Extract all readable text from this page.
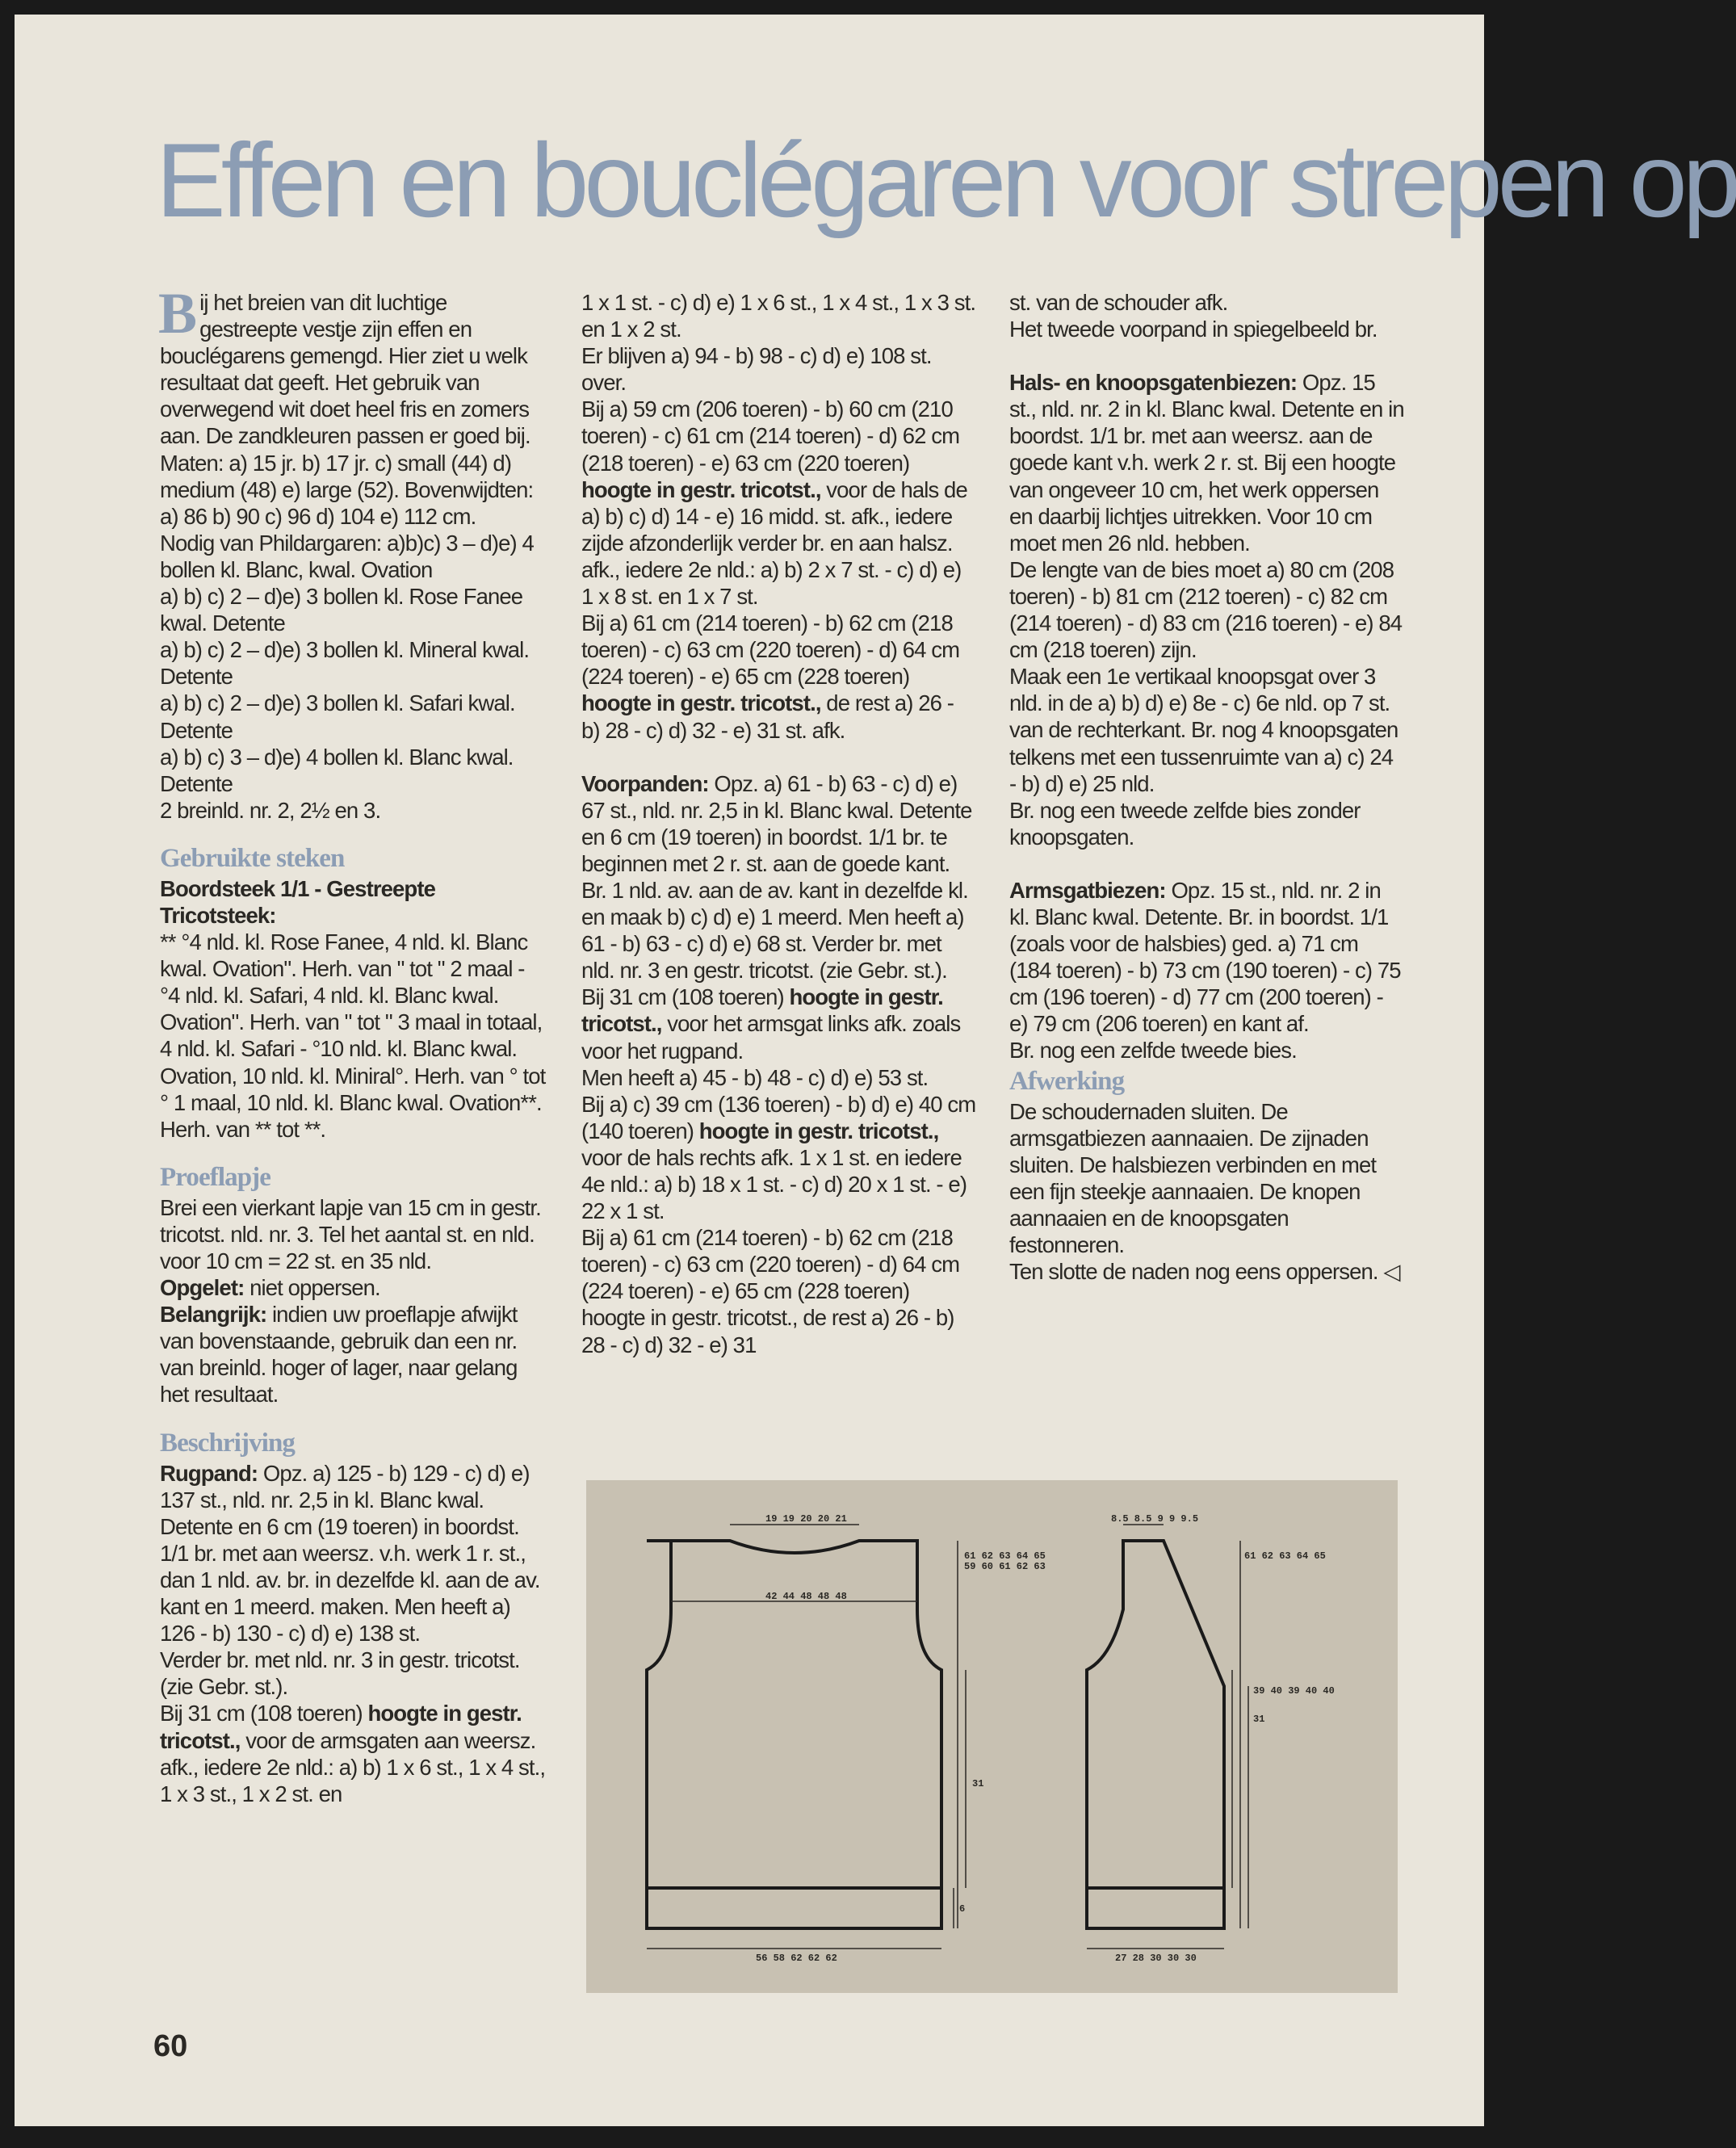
Effen en bouclégaren voor strepen op

Bij het breien van dit luchtige gestreepte vestje zijn effen en bouclégarens gemengd. Hier ziet u welk resultaat dat geeft. Het gebruik van overwegend wit doet heel fris en zomers aan. De zandkleuren passen er goed bij.

Maten: a) 15 jr. b) 17 jr. c) small (44) d) medium (48) e) large (52). Bovenwijdten: a) 86 b) 90 c) 96 d) 104 e) 112 cm.

Nodig van Phildargaren: a)b)c) 3 – d)e) 4 bollen kl. Blanc, kwal. Ovation

a) b) c) 2 – d)e) 3 bollen kl. Rose Fanee kwal. Detente

a) b) c) 2 – d)e) 3 bollen kl. Mineral kwal. Detente

a) b) c) 2 – d)e) 3 bollen kl. Safari kwal. Detente

a) b) c) 3 – d)e) 4 bollen kl. Blanc kwal. Detente

2 breinld. nr. 2, 2½ en 3.

Gebruikte steken

Boordsteek 1/1 - Gestreepte Tricotsteek:

** °4 nld. kl. Rose Fanee, 4 nld. kl. Blanc kwal. Ovation". Herh. van " tot " 2 maal - °4 nld. kl. Safari, 4 nld. kl. Blanc kwal. Ovation". Herh. van " tot " 3 maal in totaal, 4 nld. kl. Safari - °10 nld. kl. Blanc kwal. Ovation, 10 nld. kl. Miniral°. Herh. van ° tot ° 1 maal, 10 nld. kl. Blanc kwal. Ovation**. Herh. van ** tot **.

Proeflapje

Brei een vierkant lapje van 15 cm in gestr. tricotst. nld. nr. 3. Tel het aantal st. en nld. voor 10 cm = 22 st. en 35 nld.

Opgelet: niet oppersen.

Belangrijk: indien uw proeflapje afwijkt van bovenstaande, gebruik dan een nr. van breinld. hoger of lager, naar gelang het resultaat.

Beschrijving

Rugpand: Opz. a) 125 - b) 129 - c) d) e) 137 st., nld. nr. 2,5 in kl. Blanc kwal. Detente en 6 cm (19 toeren) in boordst. 1/1 br. met aan weersz. v.h. werk 1 r. st., dan 1 nld. av. br. in dezelfde kl. aan de av. kant en 1 meerd. maken. Men heeft a) 126 - b) 130 - c) d) e) 138 st.

Verder br. met nld. nr. 3 in gestr. tricotst. (zie Gebr. st.).

Bij 31 cm (108 toeren) hoogte in gestr. tricotst., voor de armsgaten aan weersz. afk., iedere 2e nld.: a) b) 1 x 6 st., 1 x 4 st., 1 x 3 st., 1 x 2 st. en

1 x 1 st. - c) d) e) 1 x 6 st., 1 x 4 st., 1 x 3 st. en 1 x 2 st.

Er blijven a) 94 - b) 98 - c) d) e) 108 st. over.

Bij a) 59 cm (206 toeren) - b) 60 cm (210 toeren) - c) 61 cm (214 toeren) - d) 62 cm (218 toeren) - e) 63 cm (220 toeren) hoogte in gestr. tricotst., voor de hals de a) b) c) d) 14 - e) 16 midd. st. afk., iedere zijde afzonderlijk verder br. en aan halsz. afk., iedere 2e nld.: a) b) 2 x 7 st. - c) d) e) 1 x 8 st. en 1 x 7 st.

Bij a) 61 cm (214 toeren) - b) 62 cm (218 toeren) - c) 63 cm (220 toeren) - d) 64 cm (224 toeren) - e) 65 cm (228 toeren) hoogte in gestr. tricotst., de rest a) 26 - b) 28 - c) d) 32 - e) 31 st. afk.

Voorpanden: Opz. a) 61 - b) 63 - c) d) e) 67 st., nld. nr. 2,5 in kl. Blanc kwal. Detente en 6 cm (19 toeren) in boordst. 1/1 br. te beginnen met 2 r. st. aan de goede kant.

Br. 1 nld. av. aan de av. kant in dezelfde kl. en maak b) c) d) e) 1 meerd. Men heeft a) 61 - b) 63 - c) d) e) 68 st. Verder br. met nld. nr. 3 en gestr. tricotst. (zie Gebr. st.).

Bij 31 cm (108 toeren) hoogte in gestr. tricotst., voor het armsgat links afk. zoals voor het rugpand.

Men heeft a) 45 - b) 48 - c) d) e) 53 st.

Bij a) c) 39 cm (136 toeren) - b) d) e) 40 cm (140 toeren) hoogte in gestr. tricotst., voor de hals rechts afk. 1 x 1 st. en iedere 4e nld.: a) b) 18 x 1 st. - c) d) 20 x 1 st. - e) 22 x 1 st.

Bij a) 61 cm (214 toeren) - b) 62 cm (218 toeren) - c) 63 cm (220 toeren) - d) 64 cm (224 toeren) - e) 65 cm (228 toeren) hoogte in gestr. tricotst., de rest a) 26 - b) 28 - c) d) 32 - e) 31

st. van de schouder afk.

Het tweede voorpand in spiegelbeeld br.

Hals- en knoopsgatenbiezen: Opz. 15 st., nld. nr. 2 in kl. Blanc kwal. Detente en in boordst. 1/1 br. met aan weersz. aan de goede kant v.h. werk 2 r. st. Bij een hoogte van ongeveer 10 cm, het werk oppersen en daarbij lichtjes uitrekken. Voor 10 cm moet men 26 nld. hebben.

De lengte van de bies moet a) 80 cm (208 toeren) - b) 81 cm (212 toeren) - c) 82 cm (214 toeren) - d) 83 cm (216 toeren) - e) 84 cm (218 toeren) zijn.

Maak een 1e vertikaal knoopsgat over 3 nld. in de a) b) d) e) 8e - c) 6e nld. op 7 st. van de rechterkant. Br. nog 4 knoopsgaten telkens met een tussenruimte van a) c) 24 - b) d) e) 25 nld.

Br. nog een tweede zelfde bies zonder knoopsgaten.

Armsgatbiezen: Opz. 15 st., nld. nr. 2 in kl. Blanc kwal. Detente. Br. in boordst. 1/1 (zoals voor de halsbies) ged. a) 71 cm (184 toeren) - b) 73 cm (190 toeren) - c) 75 cm (196 toeren) - d) 77 cm (200 toeren) - e) 79 cm (206 toeren) en kant af.

Br. nog een zelfde tweede bies.

Afwerking

De schoudernaden sluiten. De armsgatbiezen aannaaien. De zijnaden sluiten. De halsbiezen verbinden en met een fijn steekje aannaaien. De knopen aannaaien en de knoopsgaten festonneren.

Ten slotte de naden nog eens oppersen. ◁

19 19 20 20 21
61 62 63 64 65
59 60 61 62 63
42 44 48 48 48
31
6
56 58 62 62 62
8.5 8.5 9 9 9.5
61 62 63 64 65
39 40 39 40 40
31
27 28 30 30 30
60
